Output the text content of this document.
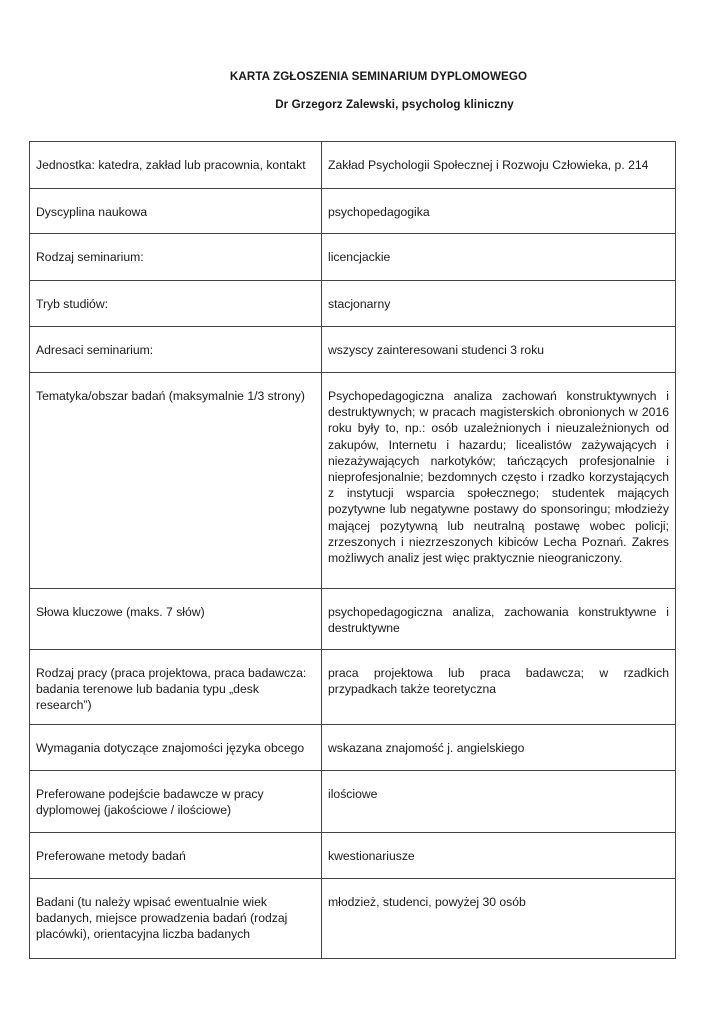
KARTA ZGŁOSZENIA SEMINARIUM DYPLOMOWEGO
Dr Grzegorz Zalewski, psycholog kliniczny
Jednostka: katedra, zakład lub pracownia, kontakt	Zakład Psychologii Społecznej i Rozwoju Człowieka, p. 214
Dyscyplina naukowa	psychopedagogika
Rodzaj seminarium:	licencjackie
Tryb studiów:	stacjonarny
Adresaci seminarium:	wszyscy zainteresowani studenci 3 roku
Tematyka/obszar badań (maksymalnie 1/3 strony)	Psychopedagogiczna analiza zachowań konstruktywnych i destruktywnych; w pracach magisterskich obronionych w 2016 roku były to, np.: osób uzależnionych i nieuzależnionych od zakupów, Internetu i hazardu; licealistów zażywających i niezażywających narkotyków; tańczących profesjonalnie i nieprofesjonalnie; bezdomnych często i rzadko korzystających z instytucji wsparcia społecznego; studentek mających pozytywne lub negatywne postawy do sponsoringu; młodzieży mającej pozytywną lub neutralną postawę wobec policji; zrzeszonych i niezrzeszonych kibiców Lecha Poznań. Zakres możliwych analiz jest więc praktycznie nieograniczony.
Słowa kluczowe (maks. 7 słów)	psychopedagogiczna analiza, zachowania konstruktywne i destruktywne
Rodzaj pracy (praca projektowa, praca badawcza: badania terenowe lub badania typu „desk research”)	praca projektowa lub praca badawcza; w rzadkich przypadkach także teoretyczna
Wymagania dotyczące znajomości języka obcego	wskazana znajomość j. angielskiego
Preferowane podejście badawcze w pracy dyplomowej (jakościowe / ilościowe)	ilościowe
Preferowane metody badań	kwestionariusze
Badani (tu należy wpisać ewentualnie wiek badanych, miejsce prowadzenia badań (rodzaj placówki), orientacyjna liczba badanych	młodzież, studenci, powyżej 30 osób
